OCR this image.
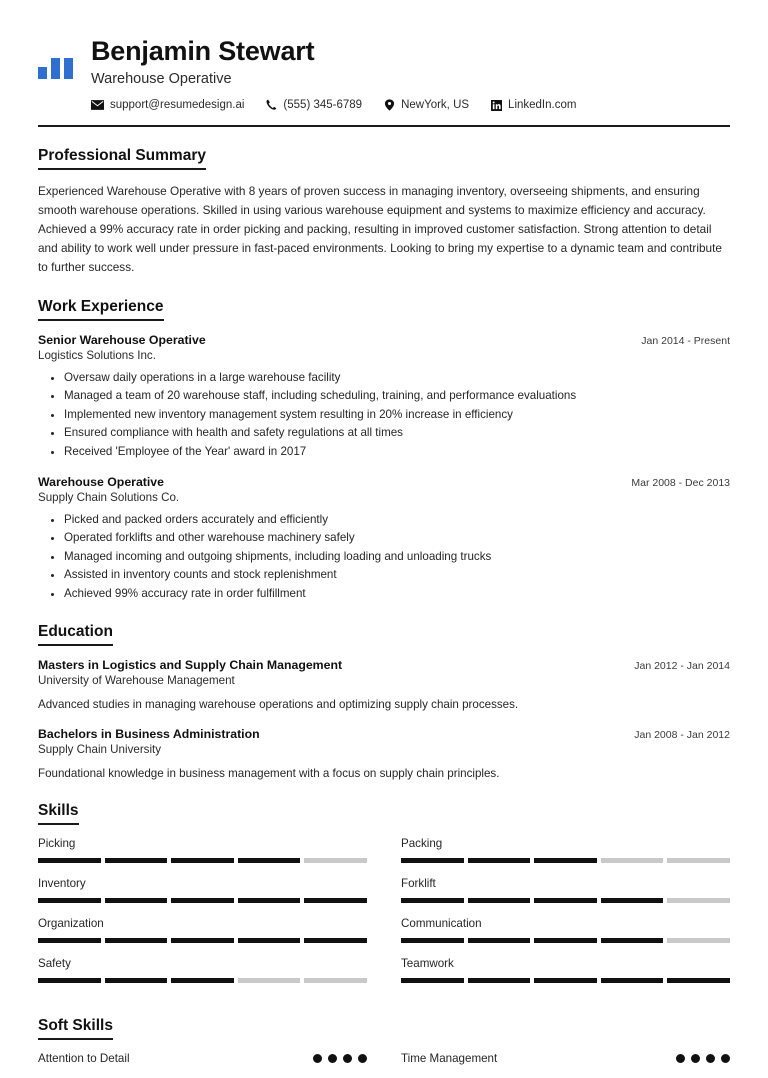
Benjamin Stewart
Warehouse Operative
support@resumedesign.ai	(555) 345-6789	NewYork, US	LinkedIn.com
Professional Summary

Experienced Warehouse Operative with 8 years of proven success in managing inventory, overseeing shipments, and ensuring smooth warehouse operations. Skilled in using various warehouse equipment and systems to maximize efficiency and accuracy. Achieved a 99% accuracy rate in order picking and packing, resulting in improved customer satisfaction. Strong attention to detail and ability to work well under pressure in fast-paced environments. Looking to bring my expertise to a dynamic team and contribute to further success.

Work Experience
Senior Warehouse Operative	Jan 2014 - Present
Logistics Solutions Inc.
• Oversaw daily operations in a large warehouse facility
• Managed a team of 20 warehouse staff, including scheduling, training, and performance evaluations
• Implemented new inventory management system resulting in 20% increase in efficiency
• Ensured compliance with health and safety regulations at all times
• Received 'Employee of the Year' award in 2017
Warehouse Operative	Mar 2008 - Dec 2013
Supply Chain Solutions Co.
• Picked and packed orders accurately and efficiently
• Operated forklifts and other warehouse machinery safely
• Managed incoming and outgoing shipments, including loading and unloading trucks
• Assisted in inventory counts and stock replenishment
• Achieved 99% accuracy rate in order fulfillment
Education
Masters in Logistics and Supply Chain Management	Jan 2012 - Jan 2014
University of Warehouse Management

Advanced studies in managing warehouse operations and optimizing supply chain processes.

Bachelors in Business Administration	Jan 2008 - Jan 2012
Supply Chain University

Foundational knowledge in business management with a focus on supply chain principles.

Skills
Picking	Packing
Inventory	Forklift
Organization	Communication
Safety	Teamwork
Soft Skills
Attention to Detail	Time Management
